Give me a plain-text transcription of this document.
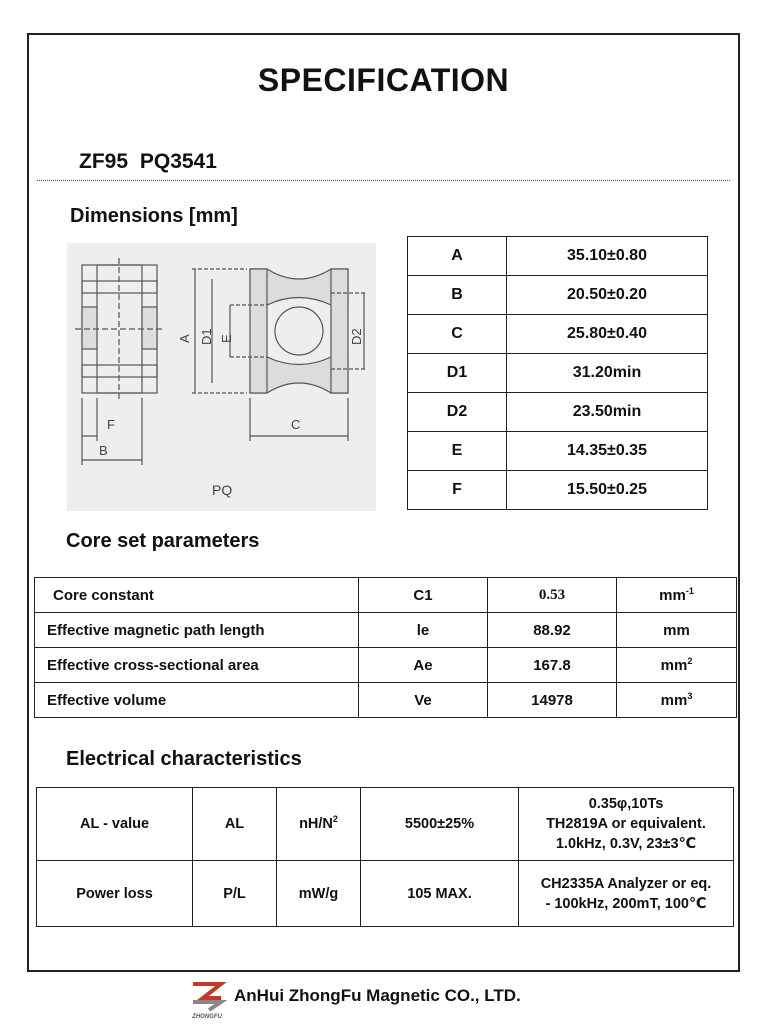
SPECIFICATION
ZF95 PQ3541
Dimensions [mm]
F
B
A D1 E	D2
C
PQ
A	35.10±0.80
B	20.50±0.20
C	25.80±0.40
D1	31.20min
D2	23.50min
E	14.35±0.35
F	15.50±0.25
Core set parameters
Core constant	C1	0.53	$mm^{-1}$
Effective magnetic path length	le	88.92	mm
Effective cross-sectional area	Ae	167.8	$mm^2$
Effective volume	Ve	14978	$mm^3$
Electrical characteristics
AL - value	AL	$nH/N^2$	5500±25%	0.35φ,10Ts
TH2819A or equivalent.
1.0kHz, 0.3V, 23±3℃

Power loss	P/L	mW/g	105 MAX.	CH2335A Analyzer or eq.
- 100kHz, 200mT, 100℃
ZHONGFU
AnHui ZhongFu Magnetic CO., LTD.
